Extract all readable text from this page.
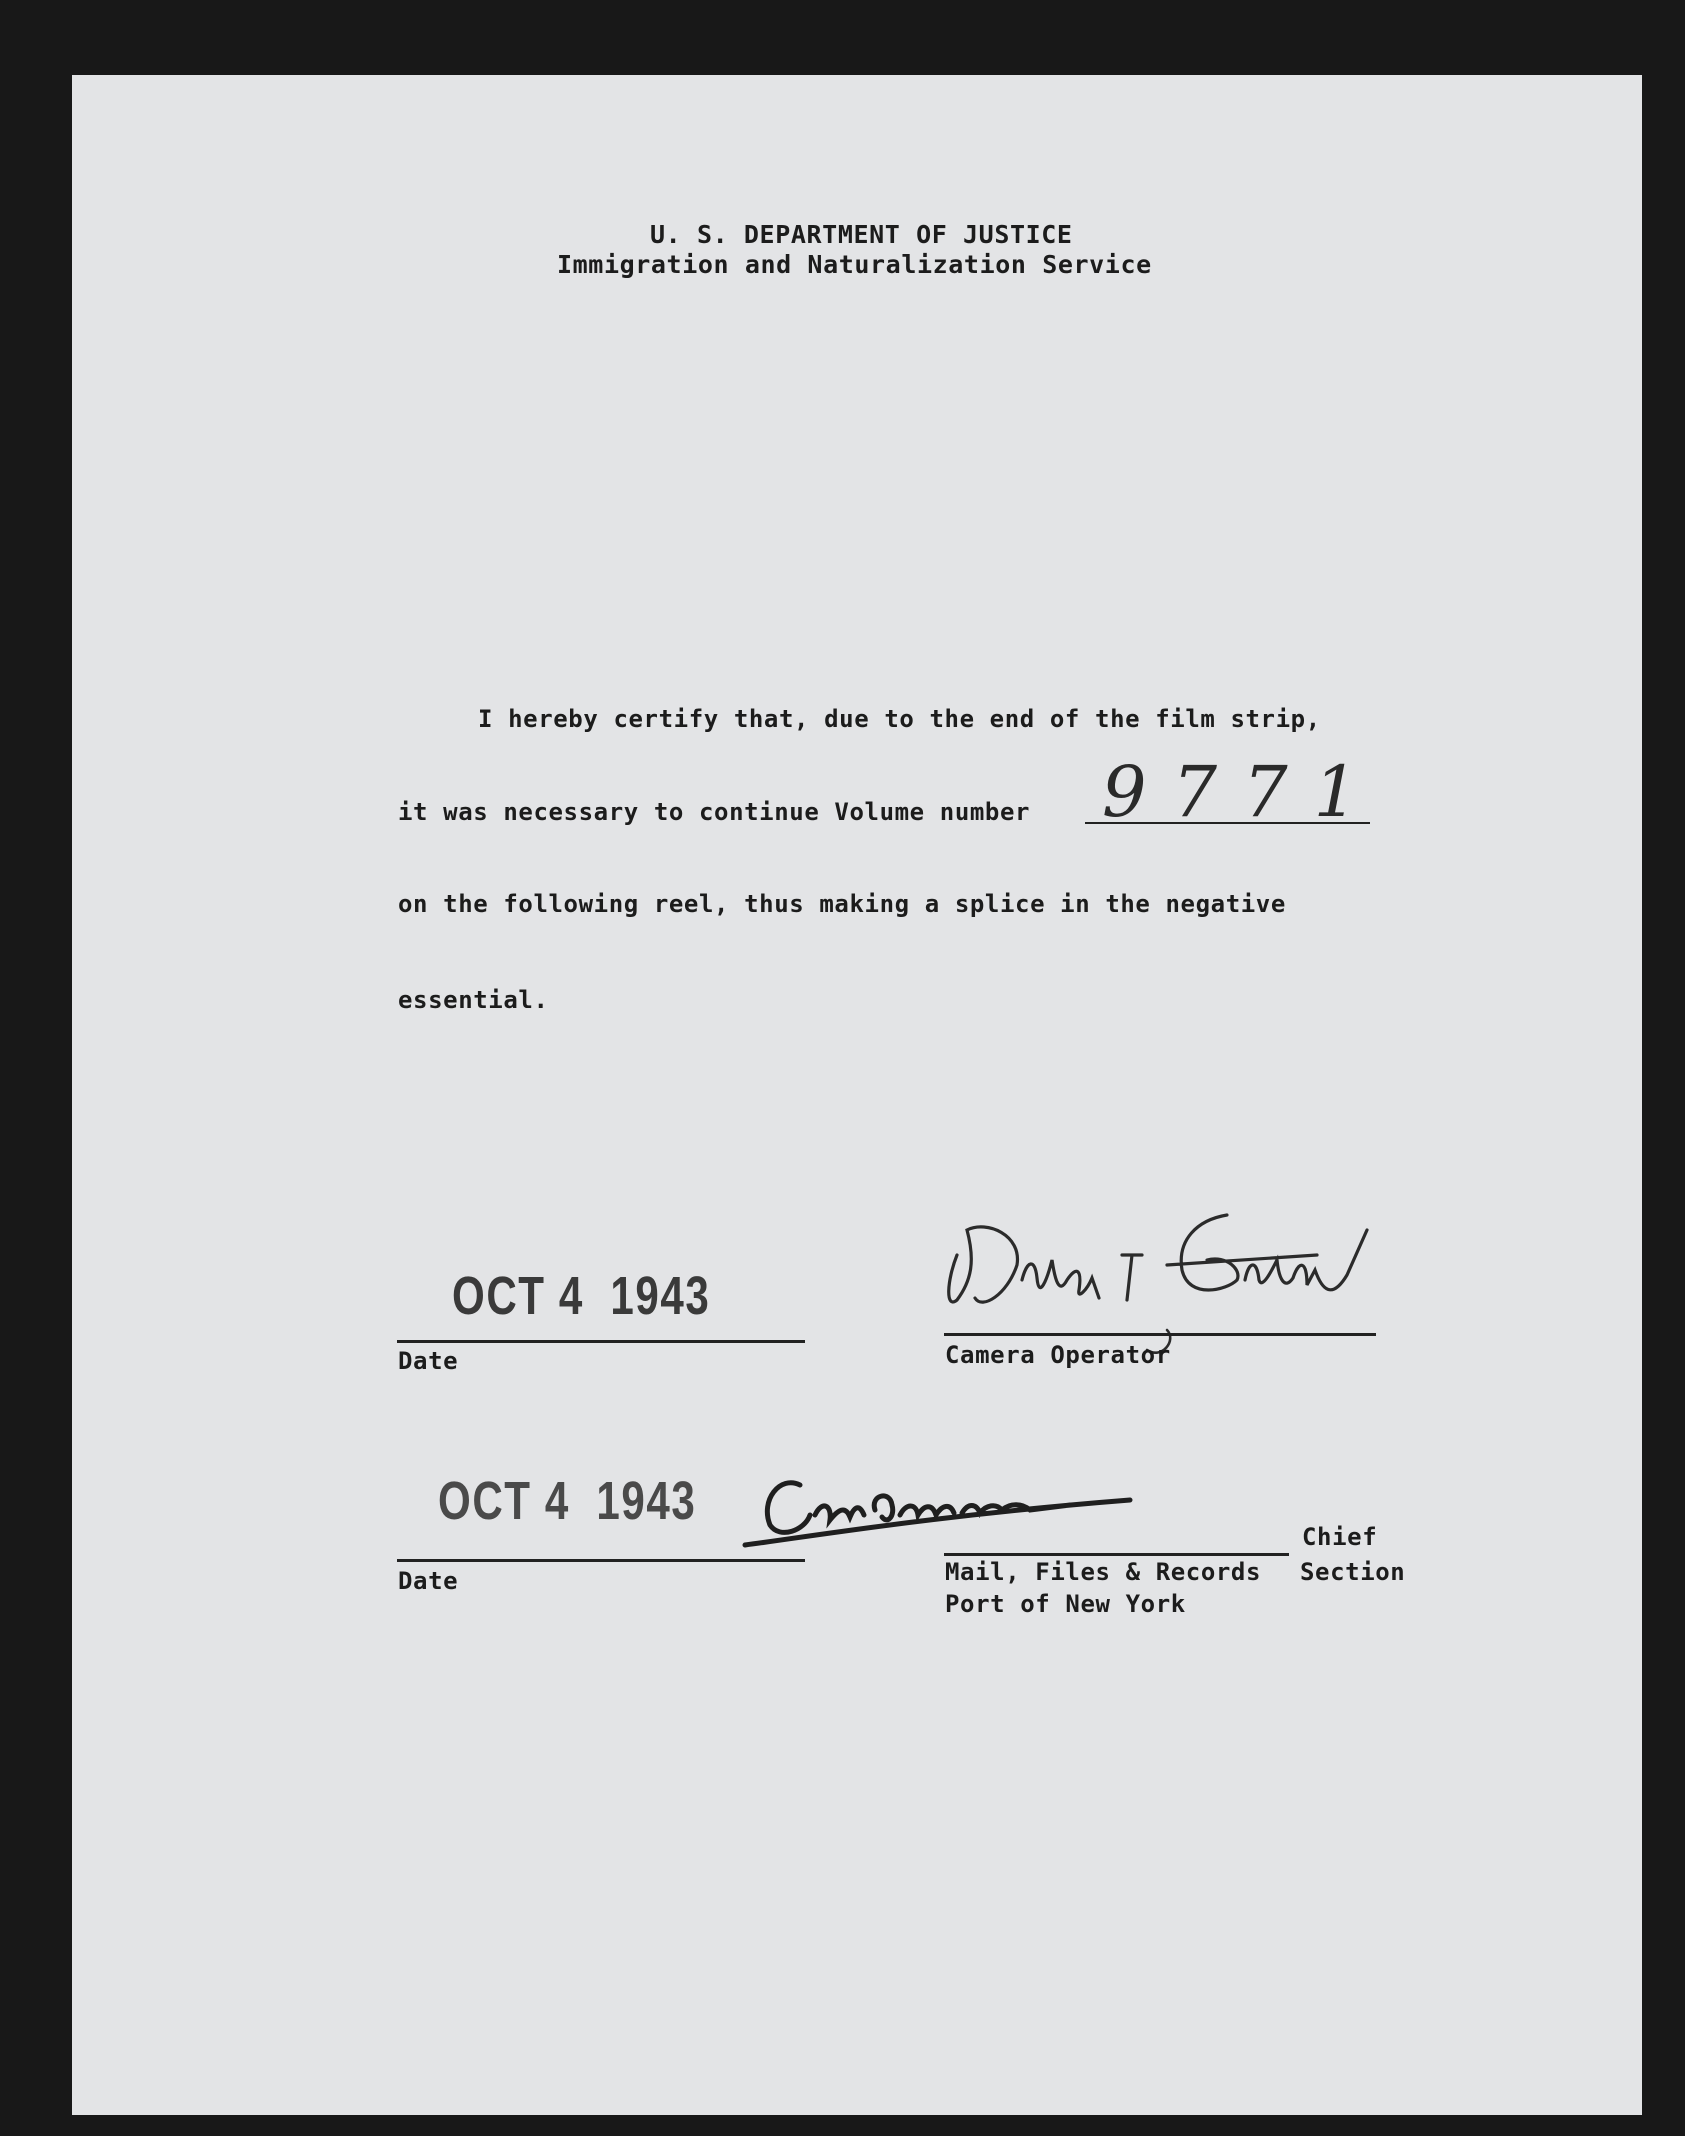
U. S. DEPARTMENT OF JUSTICE
Immigration and Naturalization Service
I hereby certify that, due to the end of the film strip,
it was necessary to continue Volume number 9771
on the following reel, thus making a splice in the negative
essential.
OCT 4  1943
Date	Camera Operator
OCT 4  1943
Date
Chief
Mail, Files & Records Section
Port of New York
